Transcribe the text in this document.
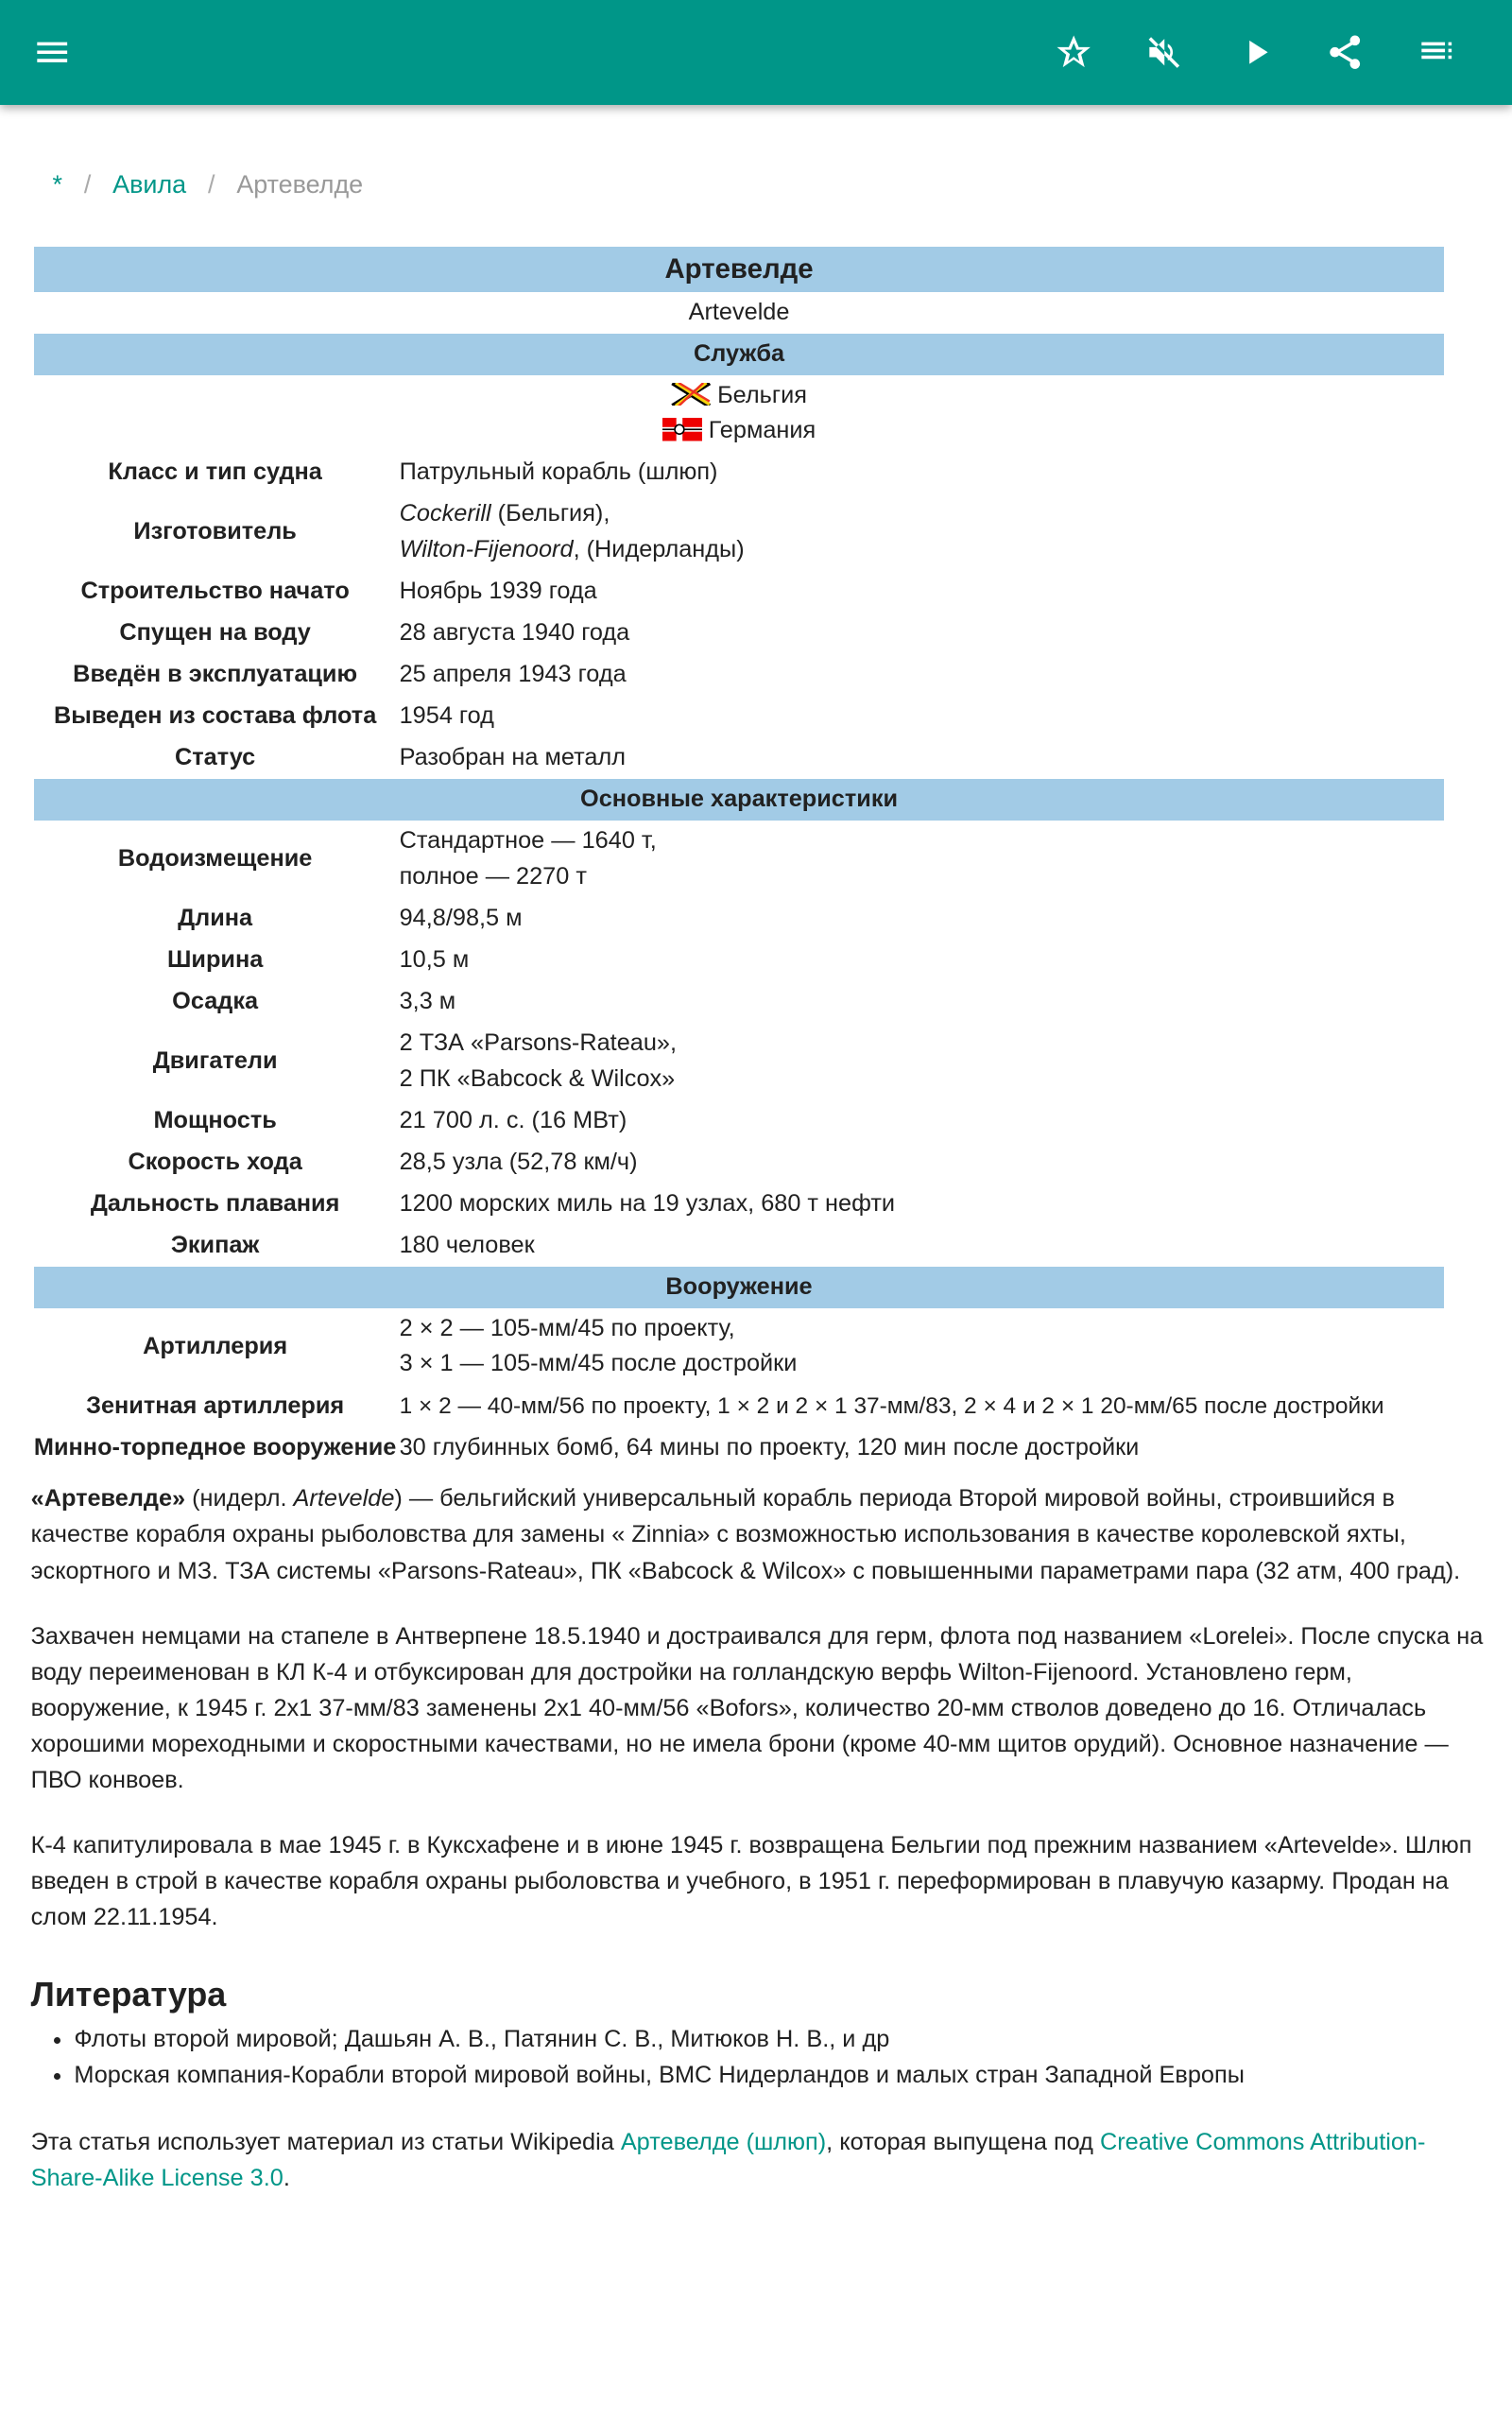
* / Авила / Артевелде
Артевелде	
Artevelde	
Служба	

Бельгия
Германия	

Класс и тип судна	Патрульный корабль (шлюп)
Изготовитель	Cockerill (Бельгия),
Wilton-Fijenoord, (Нидерланды)
Строительство начато	Ноябрь 1939 года
Спущен на воду	28 августа 1940 года
Введён в эксплуатацию	25 апреля 1943 года
Выведен из состава флота	1954 год
Статус	Разобран на металл
Основные характеристики	
Водоизмещение	Стандартное — 1640 т,
полное — 2270 т
Длина	94,8/98,5 м
Ширина	10,5 м
Осадка	3,3 м
Двигатели	2 ТЗА «Parsons-Rateau»,
2 ПК «Babcock & Wilcox»
Мощность	21 700 л. с. (16 МВт)
Скорость хода	28,5 узла (52,78 км/ч)
Дальность плавания	1200 морских миль на 19 узлах, 680 т нефти
Экипаж	180 человек
Вооружение	
Артиллерия	2 × 2 — 105-мм/45 по проекту,
3 × 1 — 105-мм/45 после достройки
Зенитная артиллерия	1 × 2 — 40-мм/56 по проекту, 1 × 2 и 2 × 1 37-мм/83, 2 × 4 и 2 × 1 20-мм/65 после достройки
Минно-торпедное вооружение	30 глубинных бомб, 64 мины по проекту, 120 мин после достройки

«Артевелде» (нидерл. Artevelde) — бельгийский универсальный корабль периода Второй мировой войны, строившийся в качестве корабля охраны рыболовства для замены « Zinnia» с возможностью использования в качестве королевской яхты, эскортного и МЗ. ТЗА системы «Parsons-Rateau», ПК «Babcock & Wilcox» с повышенными параметрами пара (32 атм, 400 град).

Захвачен немцами на стапеле в Антверпене 18.5.1940 и достраивался для герм, флота под названием «Lorelei». После спуска на воду переименован в КЛ К-4 и отбуксирован для достройки на голландскую верфь Wilton-Fijenoord. Установлено герм, вооружение, к 1945 г. 2x1 37-мм/83 заменены 2x1 40-мм/56 «Bofors», количество 20-мм стволов доведено до 16. Отличалась хорошими мореходными и скоростными качествами, но не имела брони (кроме 40-мм щитов орудий). Основное назначение — ПВО конвоев.

К-4 капитулировала в мае 1945 г. в Куксхафене и в июне 1945 г. возвращена Бельгии под прежним названием «Artevelde». Шлюп введен в строй в качестве корабля охраны рыболовства и учебного, в 1951 г. переформирован в плавучую казарму. Продан на слом 22.11.1954.

Литература
• Флоты второй мировой; Дашьян А. В., Патянин С. В., Митюков Н. В., и др
• Морская компания-Корабли второй мировой войны, ВМС Нидерландов и малых стран Западной Европы

Эта статья использует материал из статьи Wikipedia Артевелде (шлюп), которая выпущена под Creative Commons Attribution-Share-Alike License 3.0.
